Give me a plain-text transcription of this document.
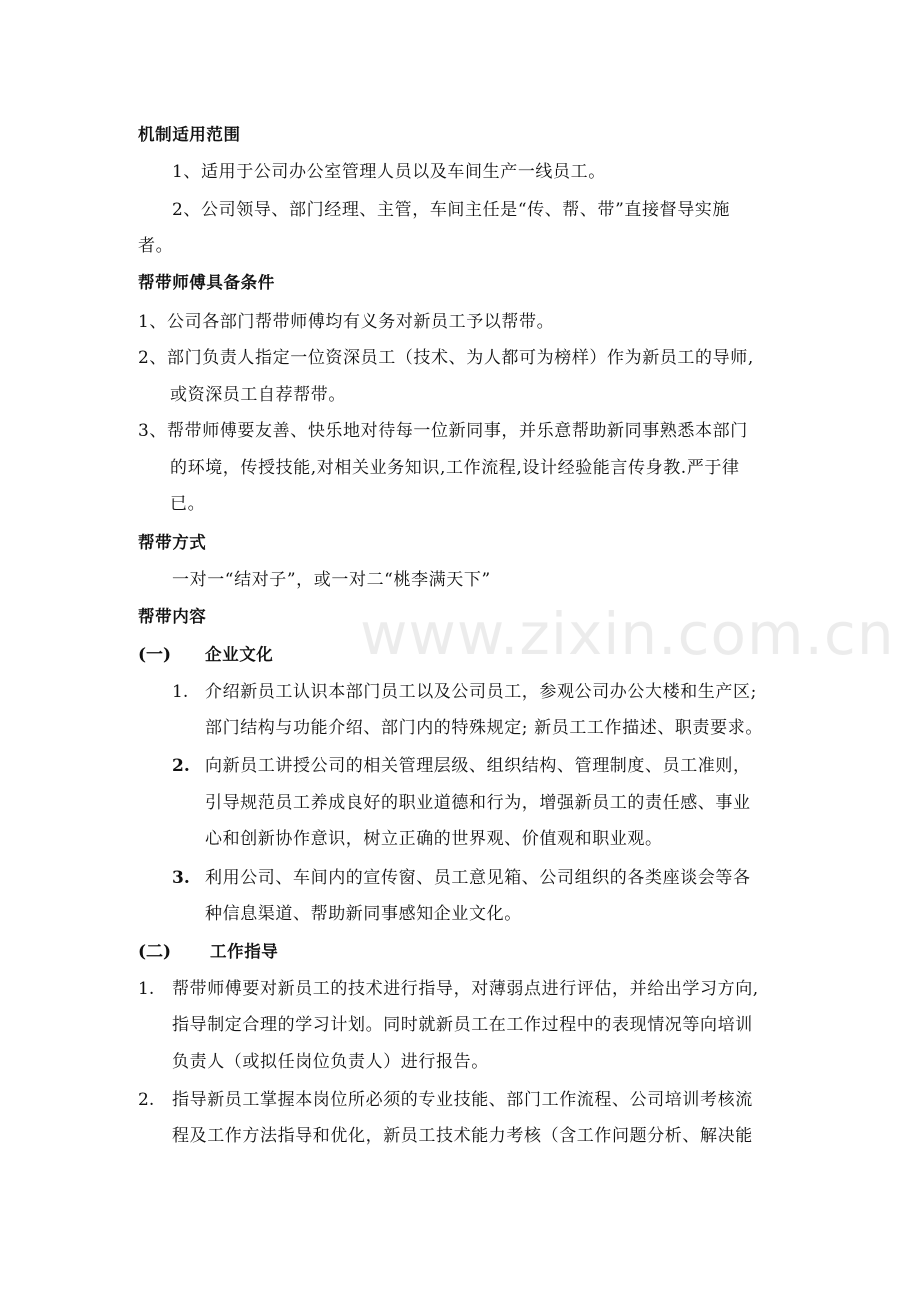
www.zixin.com.cn
机制适用范围
1、适用于公司办公室管理人员以及车间生产一线员工。
2、公司领导、部门经理、主管，车间主任是“传、帮、带”直接督导实施
者。
帮带师傅具备条件
1、公司各部门帮带师傅均有义务对新员工予以帮带。
2、部门负责人指定一位资深员工（技术、为人都可为榜样）作为新员工的导师,
或资深员工自荐帮带。
3、帮带师傅要友善、快乐地对待每一位新同事，并乐意帮助新同事熟悉本部门
的环境，传授技能,对相关业务知识,工作流程,设计经验能言传身教.严于律
已。
帮带方式
一对一“结对子”，或一对二“桃李满天下”
帮带内容
(一) 企业文化
1. 介绍新员工认识本部门员工以及公司员工，参观公司办公大楼和生产区;
部门结构与功能介绍、部门内的特殊规定; 新员工工作描述、职责要求。
2. 向新员工讲授公司的相关管理层级、组织结构、管理制度、员工准则，
引导规范员工养成良好的职业道德和行为，增强新员工的责任感、事业
心和创新协作意识，树立正确的世界观、价值观和职业观。
3. 利用公司、车间内的宣传窗、员工意见箱、公司组织的各类座谈会等各
种信息渠道、帮助新同事感知企业文化。
(二) 工作指导
1. 帮带师傅要对新员工的技术进行指导，对薄弱点进行评估，并给出学习方向,
指导制定合理的学习计划。同时就新员工在工作过程中的表现情况等向培训
负责人（或拟任岗位负责人）进行报告。
2. 指导新员工掌握本岗位所必须的专业技能、部门工作流程、公司培训考核流
程及工作方法指导和优化，新员工技术能力考核（含工作问题分析、解决能
